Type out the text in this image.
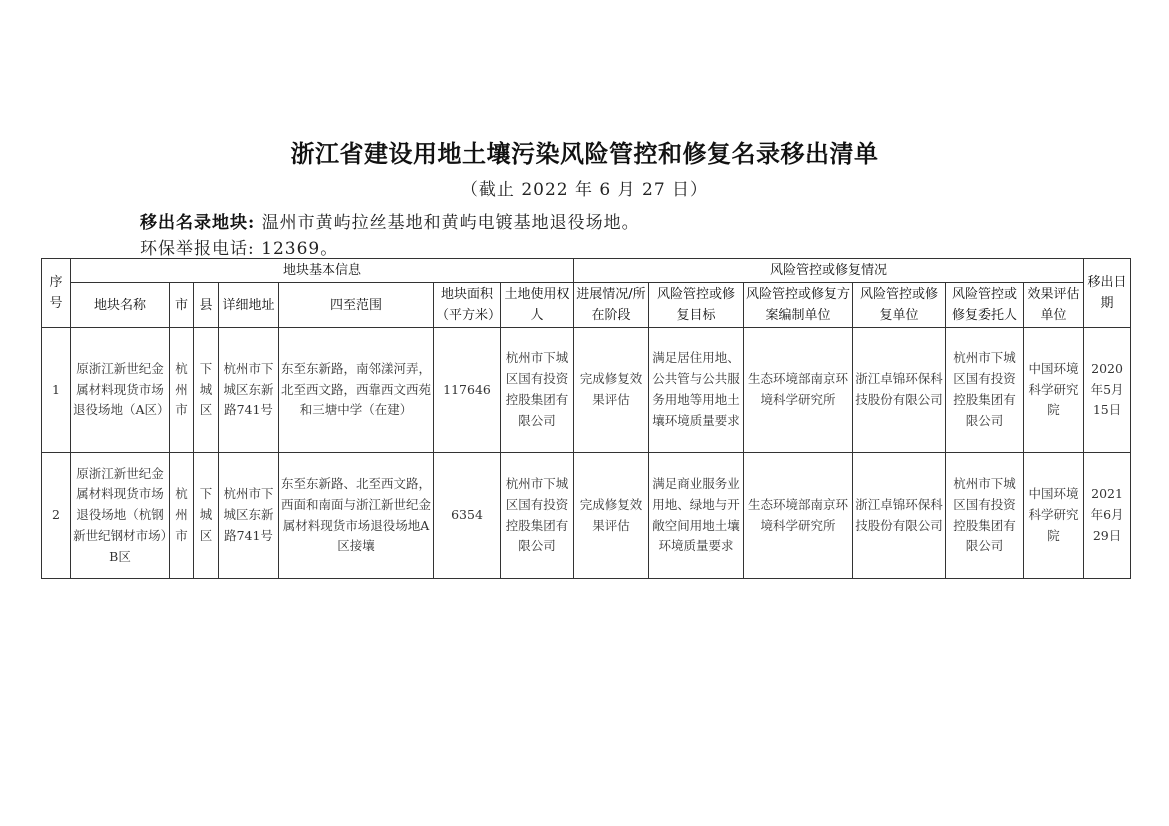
浙江省建设用地土壤污染风险管控和修复名录移出清单
（截止 2022 年 6 月 27 日）
移出名录地块: 温州市黄屿拉丝基地和黄屿电镀基地退役场地。
环保举报电话: 12369。
序号	地块基本信息							风险管控或修复情况						移出日期
	地块名称	市	县	详细地址	四至范围	地块面积（平方米）	土地使用权人	进展情况/所在阶段	风险管控或修复目标	风险管控或修复方案编制单位	风险管控或修复单位	风险管控或修复委托人	效果评估单位	
1	原浙江新世纪金属材料现货市场退役场地（A区）	杭州市	下城区	杭州市下城区东新路741号	东至东新路，南邻漾河弄，北至西文路，西靠西文西苑和三塘中学（在建）	117646	杭州市下城区国有投资控股集团有限公司	完成修复效果评估	满足居住用地、公共管与公共服务用地等用地土壤环境质量要求	生态环境部南京环境科学研究所	浙江卓锦环保科技股份有限公司	杭州市下城区国有投资控股集团有限公司	中国环境科学研究院	2020年5月15日
2	原浙江新世纪金属材料现货市场退役场地（杭钢新世纪钢材市场）B区	杭州市	下城区	杭州市下城区东新路741号	东至东新路、北至西文路，西面和南面与浙江新世纪金属材料现货市场退役场地A区接壤	6354	杭州市下城区国有投资控股集团有限公司	完成修复效果评估	满足商业服务业用地、绿地与开敞空间用地土壤环境质量要求	生态环境部南京环境科学研究所	浙江卓锦环保科技股份有限公司	杭州市下城区国有投资控股集团有限公司	中国环境科学研究院	2021年6月29日
